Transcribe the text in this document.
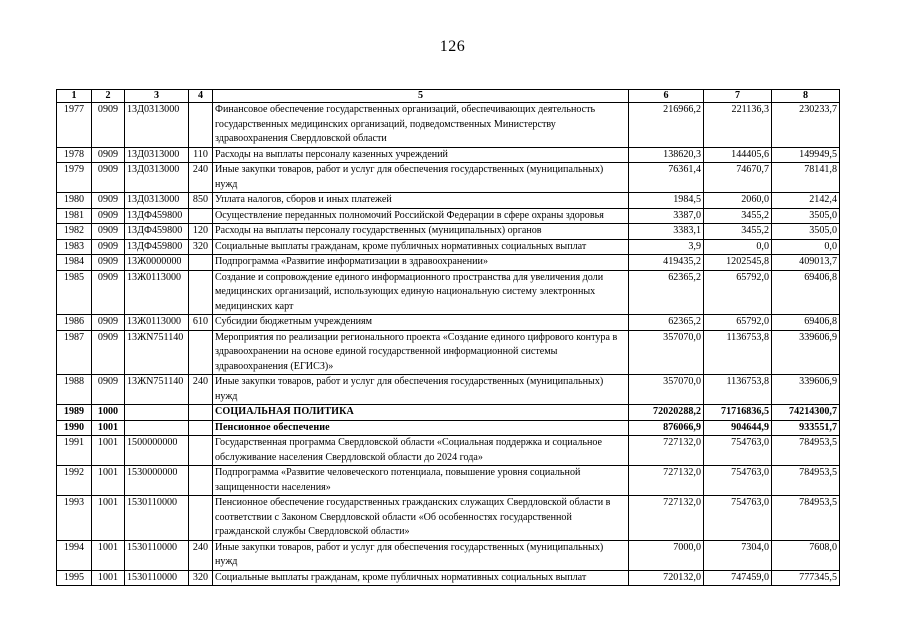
126
1	2	3	4	5	6	7	8
1977	0909	13Д0313000		Финансовое обеспечение государственных организаций, обеспечивающих деятельность государственных медицинских организаций, подведомственных Министерству здравоохранения Свердловской области	216966,2	221136,3	230233,7
1978	0909	13Д0313000	110	Расходы на выплаты персоналу казенных учреждений	138620,3	144405,6	149949,5
1979	0909	13Д0313000	240	Иные закупки товаров, работ и услуг для обеспечения государственных (муниципальных) нужд	76361,4	74670,7	78141,8
1980	0909	13Д0313000	850	Уплата налогов, сборов и иных платежей	1984,5	2060,0	2142,4
1981	0909	13ДФ459800		Осуществление переданных полномочий Российской Федерации в сфере охраны здоровья	3387,0	3455,2	3505,0
1982	0909	13ДФ459800	120	Расходы на выплаты персоналу государственных (муниципальных) органов	3383,1	3455,2	3505,0
1983	0909	13ДФ459800	320	Социальные выплаты гражданам, кроме публичных нормативных социальных выплат	3,9	0,0	0,0
1984	0909	13Ж0000000		Подпрограмма «Развитие информатизации в здравоохранении»	419435,2	1202545,8	409013,7
1985	0909	13Ж0113000		Создание и сопровождение единого информационного пространства для увеличения доли медицинских организаций, использующих единую национальную систему электронных медицинских карт	62365,2	65792,0	69406,8
1986	0909	13Ж0113000	610	Субсидии бюджетным учреждениям	62365,2	65792,0	69406,8
1987	0909	13ЖN751140		Мероприятия по реализации регионального проекта «Создание единого цифрового контура в здравоохранении на основе единой государственной информационной системы здравоохранения (ЕГИСЗ)»	357070,0	1136753,8	339606,9
1988	0909	13ЖN751140	240	Иные закупки товаров, работ и услуг для обеспечения государственных (муниципальных) нужд	357070,0	1136753,8	339606,9
1989	1000			СОЦИАЛЬНАЯ ПОЛИТИКА	72020288,2	71716836,5	74214300,7
1990	1001			Пенсионное обеспечение	876066,9	904644,9	933551,7
1991	1001	1500000000		Государственная программа Свердловской области «Социальная поддержка и социальное обслуживание населения Свердловской области до 2024 года»	727132,0	754763,0	784953,5
1992	1001	1530000000		Подпрограмма «Развитие человеческого потенциала, повышение уровня социальной защищенности населения»	727132,0	754763,0	784953,5
1993	1001	1530110000		Пенсионное обеспечение государственных гражданских служащих Свердловской области в соответствии с Законом Свердловской области «Об особенностях государственной гражданской службы Свердловской области»	727132,0	754763,0	784953,5
1994	1001	1530110000	240	Иные закупки товаров, работ и услуг для обеспечения государственных (муниципальных) нужд	7000,0	7304,0	7608,0
1995	1001	1530110000	320	Социальные выплаты гражданам, кроме публичных нормативных социальных выплат	720132,0	747459,0	777345,5
